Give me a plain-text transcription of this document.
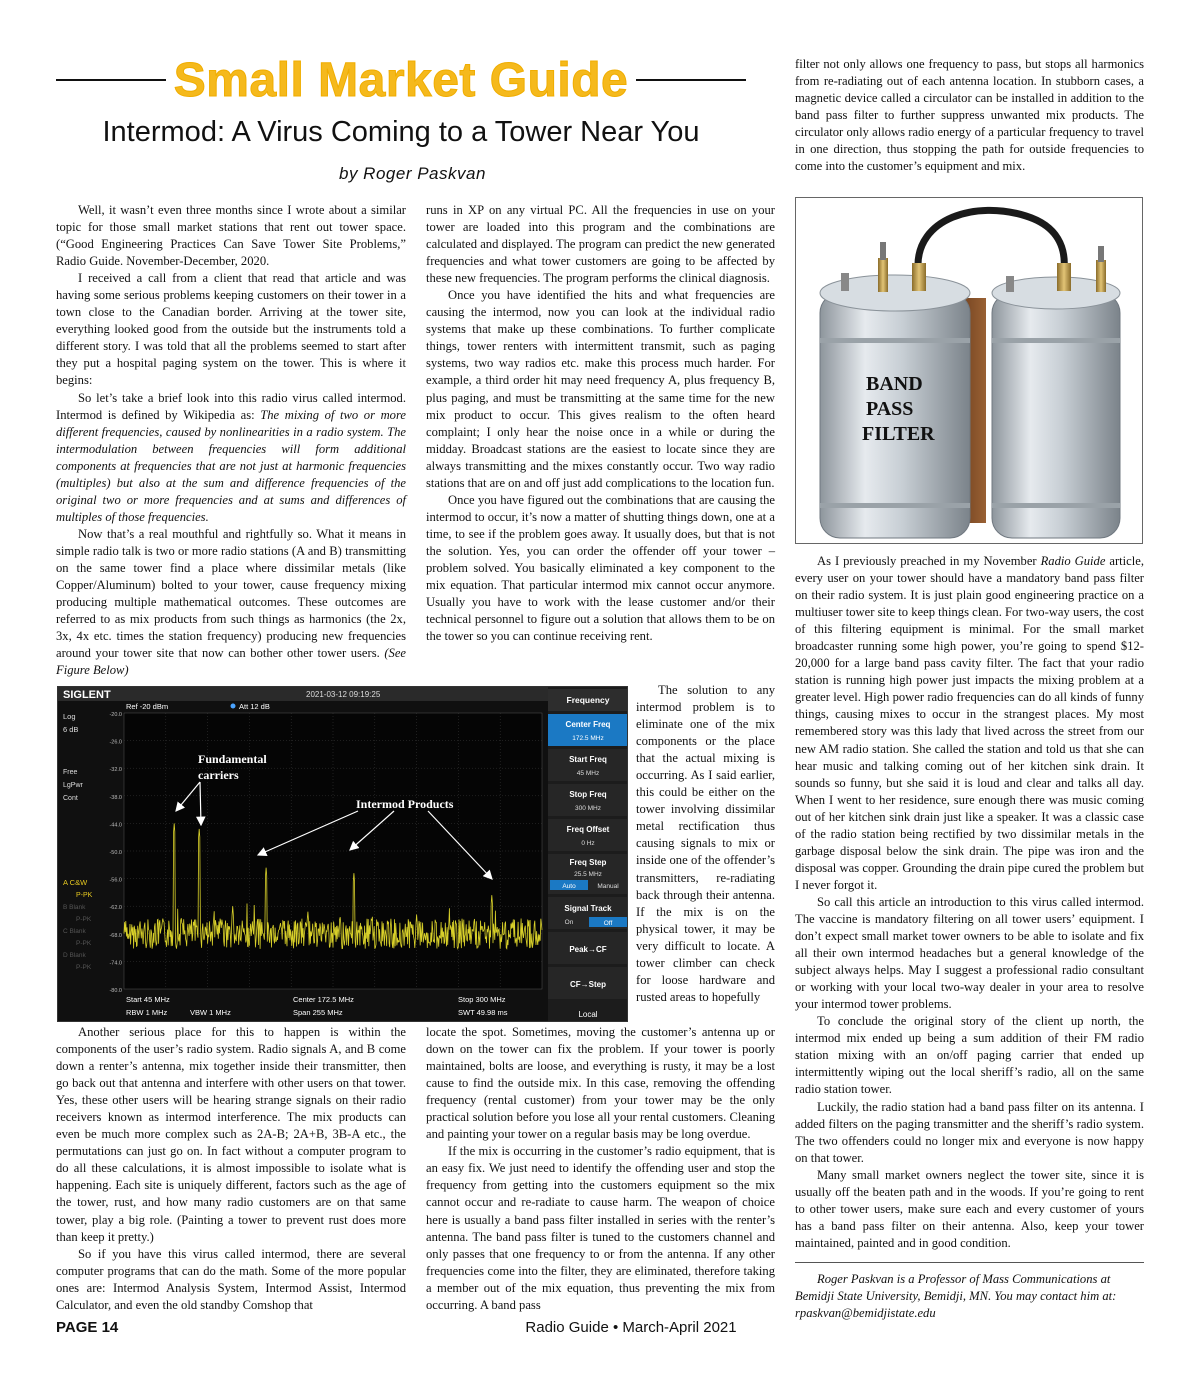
Small Market Guide
Intermod: A Virus Coming to a Tower Near You
by Roger Paskvan

Well, it wasn’t even three months since I wrote about a similar topic for those small market stations that rent out tower space. (“Good Engineering Practices Can Save Tower Site Problems,” Radio Guide. November-December, 2020.

I received a call from a client that read that article and was having some serious problems keeping customers on their tower in a town close to the Canadian border. Arriving at the tower site, everything looked good from the outside but the instruments told a different story. I was told that all the problems seemed to start after they put a hospital paging system on the tower. This is where it begins:

So let’s take a brief look into this radio virus called intermod. Intermod is defined by Wikipedia as: The mixing of two or more different frequencies, caused by nonlinearities in a radio system. The intermodulation between frequencies will form additional components at frequencies that are not just at harmonic frequencies (multiples) but also at the sum and difference frequencies of the original two or more frequencies and at sums and differences of multiples of those frequencies.

Now that’s a real mouthful and rightfully so. What it means in simple radio talk is two or more radio stations (A and B) transmitting on the same tower find a place where dissimilar metals (like Copper/Aluminum) bolted to your tower, cause frequency mixing producing multiple mathematical outcomes. These outcomes are referred to as mix products from such things as harmonics (the 2x, 3x, 4x etc. times the station frequency) producing new frequencies around your tower site that now can bother other tower users. (See Figure Below)

runs in XP on any virtual PC. All the frequencies in use on your tower are loaded into this program and the combinations are calculated and displayed. The program can predict the new generated frequencies and what tower customers are going to be affected by these new frequencies. The program performs the clinical diagnosis.

Once you have identified the hits and what frequencies are causing the intermod, now you can look at the individual radio systems that make up these combinations. To further complicate things, tower renters with intermittent transmit, such as paging systems, two way radios etc. make this process much harder. For example, a third order hit may need frequency A, plus frequency B, plus paging, and must be transmitting at the same time for the new mix product to occur. This gives realism to the often heard complaint; I only hear the noise once in a while or during the midday. Broadcast stations are the easiest to locate since they are always transmitting and the mixes constantly occur. Two way radio stations that are on and off just add complications to the location fun.

Once you have figured out the combinations that are causing the intermod to occur, it’s now a matter of shutting things down, one at a time, to see if the problem goes away. It usually does, but that is not the solution. Yes, you can order the offender off your tower – problem solved. You basically eliminated a key component to the mix equation. That particular intermod mix cannot occur anymore. Usually you have to work with the lease customer and/or their technical personnel to figure out a solution that allows them to be on the tower so you can continue receiving rent.

The solution to any intermod problem is to eliminate one of the mix components or the place that the actual mixing is occurring. As I said earlier, this could be either on the tower involving dissimilar metal rectification thus causing signals to mix or inside one of the offender’s transmitters, re-radiating back through their antenna. If the mix is on the physical tower, it may be very difficult to locate. A tower climber can check for loose hardware and rusted areas to hopefully

SIGLENT	2021-03-12 09:19:25
Ref -20 dBm	Att 12 dB
Log
6 dB
Free
LgPwr
Cont
A C&W
P-PK
B Blank
P-PK
C Blank
P-PK
D Blank
P-PK
-20.0
-26.0
-32.0
-38.0
-44.0
-50.0
-56.0
-62.0
-68.0
-74.0
-80.0
Fundamental
carriers
Intermod Products
Start 45 MHz	Center 172.5 MHz	Stop 300 MHz
RBW 1 MHz	VBW 1 MHz	Span 255 MHz	SWT 49.98 ms
Frequency
Center Freq
172.5 MHz
Start Freq
45 MHz
Stop Freq
300 MHz
Freq Offset
0 Hz
Freq Step
25.5 MHz
Auto	Manual
Signal Track
On	Off
Peak→CF
CF→Step
Local

Another serious place for this to happen is within the components of the user’s radio system. Radio signals A, and B come down a renter’s antenna, mix together inside their transmitter, then go back out that antenna and interfere with other users on that tower. Yes, these other users will be hearing strange signals on their radio receivers known as intermod interference. The mix products can even be much more complex such as 2A-B; 2A+B, 3B-A etc., the permutations can just go on. In fact without a computer program to do all these calculations, it is almost impossible to isolate what is happening. Each site is uniquely different, factors such as the age of the tower, rust, and how many radio customers are on that same tower, play a big role. (Painting a tower to prevent rust does more than keep it pretty.)

So if you have this virus called intermod, there are several computer programs that can do the math. Some of the more popular ones are: Intermod Analysis System, Intermod Assist, Intermod Calculator, and even the old standby Comshop that

locate the spot. Sometimes, moving the customer’s antenna up or down on the tower can fix the problem. If your tower is poorly maintained, bolts are loose, and everything is rusty, it may be a lost cause to find the outside mix. In this case, removing the offending frequency (rental customer) from your tower may be the only practical solution before you lose all your rental customers. Cleaning and painting your tower on a regular basis may be long overdue.

If the mix is occurring in the customer’s radio equipment, that is an easy fix. We just need to identify the offending user and stop the frequency from getting into the customers equipment so the mix cannot occur and re-radiate to cause harm. The weapon of choice here is usually a band pass filter installed in series with the renter’s antenna. The band pass filter is tuned to the customers channel and only passes that one frequency to or from the antenna. If any other frequencies come into the filter, they are eliminated, therefore taking a member out of the mix equation, thus preventing the mix from occurring. A band pass

filter not only allows one frequency to pass, but stops all harmonics from re-radiating out of each antenna location. In stubborn cases, a magnetic device called a circulator can be installed in addition to the band pass filter to further suppress unwanted mix products. The circulator only allows radio energy of a particular frequency to travel in one direction, thus stopping the path for outside frequencies to come into the customer’s equipment and mix.

BAND
PASS
FILTER

As I previously preached in my November Radio Guide article, every user on your tower should have a mandatory band pass filter on their radio system. It is just plain good engineering practice on a multiuser tower site to keep things clean. For two-way users, the cost of this filtering equipment is minimal. For the small market broadcaster running some high power, you’re going to spend $12-20,000 for a large band pass cavity filter. The fact that your radio station is running high power just impacts the mixing problem at a greater level. High power radio frequencies can do all kinds of funny things, causing mixes to occur in the strangest places. My most remembered story was this lady that lived across the street from our new AM radio station. She called the station and told us that she can hear music and talking coming out of her kitchen sink drain. It sounds so funny, but she said it is loud and clear and talks all day. When I went to her residence, sure enough there was music coming out of her kitchen sink drain just like a speaker. It was a classic case of the radio station being rectified by two dissimilar metals in the garbage disposal below the sink drain. The pipe was iron and the disposal was copper. Grounding the drain pipe cured the problem but I never forgot it.

So call this article an introduction to this virus called intermod. The vaccine is mandatory filtering on all tower users’ equipment. I don’t expect small market tower owners to be able to isolate and fix all their own intermod headaches but a general knowledge of the subject always helps. May I suggest a professional radio consultant or working with your local two-way dealer in your area to resolve your intermod tower problems.

To conclude the original story of the client up north, the intermod mix ended up being a sum addition of their FM radio station mixing with an on/off paging carrier that ended up intermittently wiping out the local sheriff’s radio, all on the same radio station tower.

Luckily, the radio station had a band pass filter on its antenna. I added filters on the paging transmitter and the sheriff’s radio system. The two offenders could no longer mix and everyone is now happy on that tower.

Many small market owners neglect the tower site, since it is usually off the beaten path and in the woods. If you’re going to rent to other tower users, make sure each and every customer of yours has a band pass filter on their antenna. Also, keep your tower maintained, painted and in good condition.

Roger Paskvan is a Professor of Mass Communications at
Bemidji State University, Bemidji, MN. You may contact him at:
rpaskvan@bemidjistate.edu

PAGE 14	Radio Guide • March-April 2021
